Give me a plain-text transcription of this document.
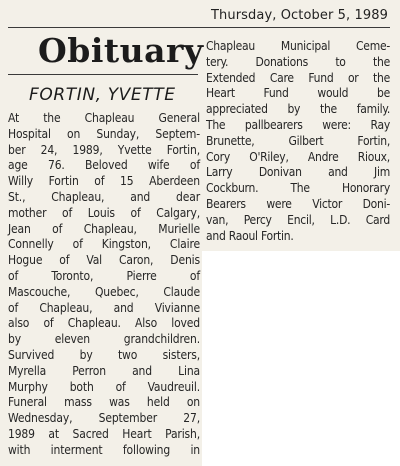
Thursday, October 5, 1989
Obituary
FORTIN, YVETTE
At the Chapleau General
Hospital on Sunday, Septem-
ber 24, 1989, Yvette Fortin,
age 76. Beloved wife of
Willy Fortin of 15 Aberdeen
St., Chapleau, and dear
mother of Louis of Calgary,
Jean of Chapleau, Murielle
Connelly of Kingston, Claire
Hogue of Val Caron, Denis
of Toronto, Pierre of
Mascouche, Quebec, Claude
of Chapleau, and Vivianne
also of Chapleau. Also loved
by eleven grandchildren.
Survived by two sisters,
Myrella Perron and Lina
Murphy both of Vaudreuil.
Funeral mass was held on
Wednesday, September 27,
1989 at Sacred Heart Parish,
with interment following in
Chapleau Municipal Ceme-
tery. Donations to the
Extended Care Fund or the
Heart Fund would be
appreciated by the family.
The pallbearers were: Ray
Brunette, Gilbert Fortin,
Cory O'Riley, Andre Rioux,
Larry Donivan and Jim
Cockburn. The Honorary
Bearers were Victor Doni-
van, Percy Encil, L.D. Card
and Raoul Fortin.
